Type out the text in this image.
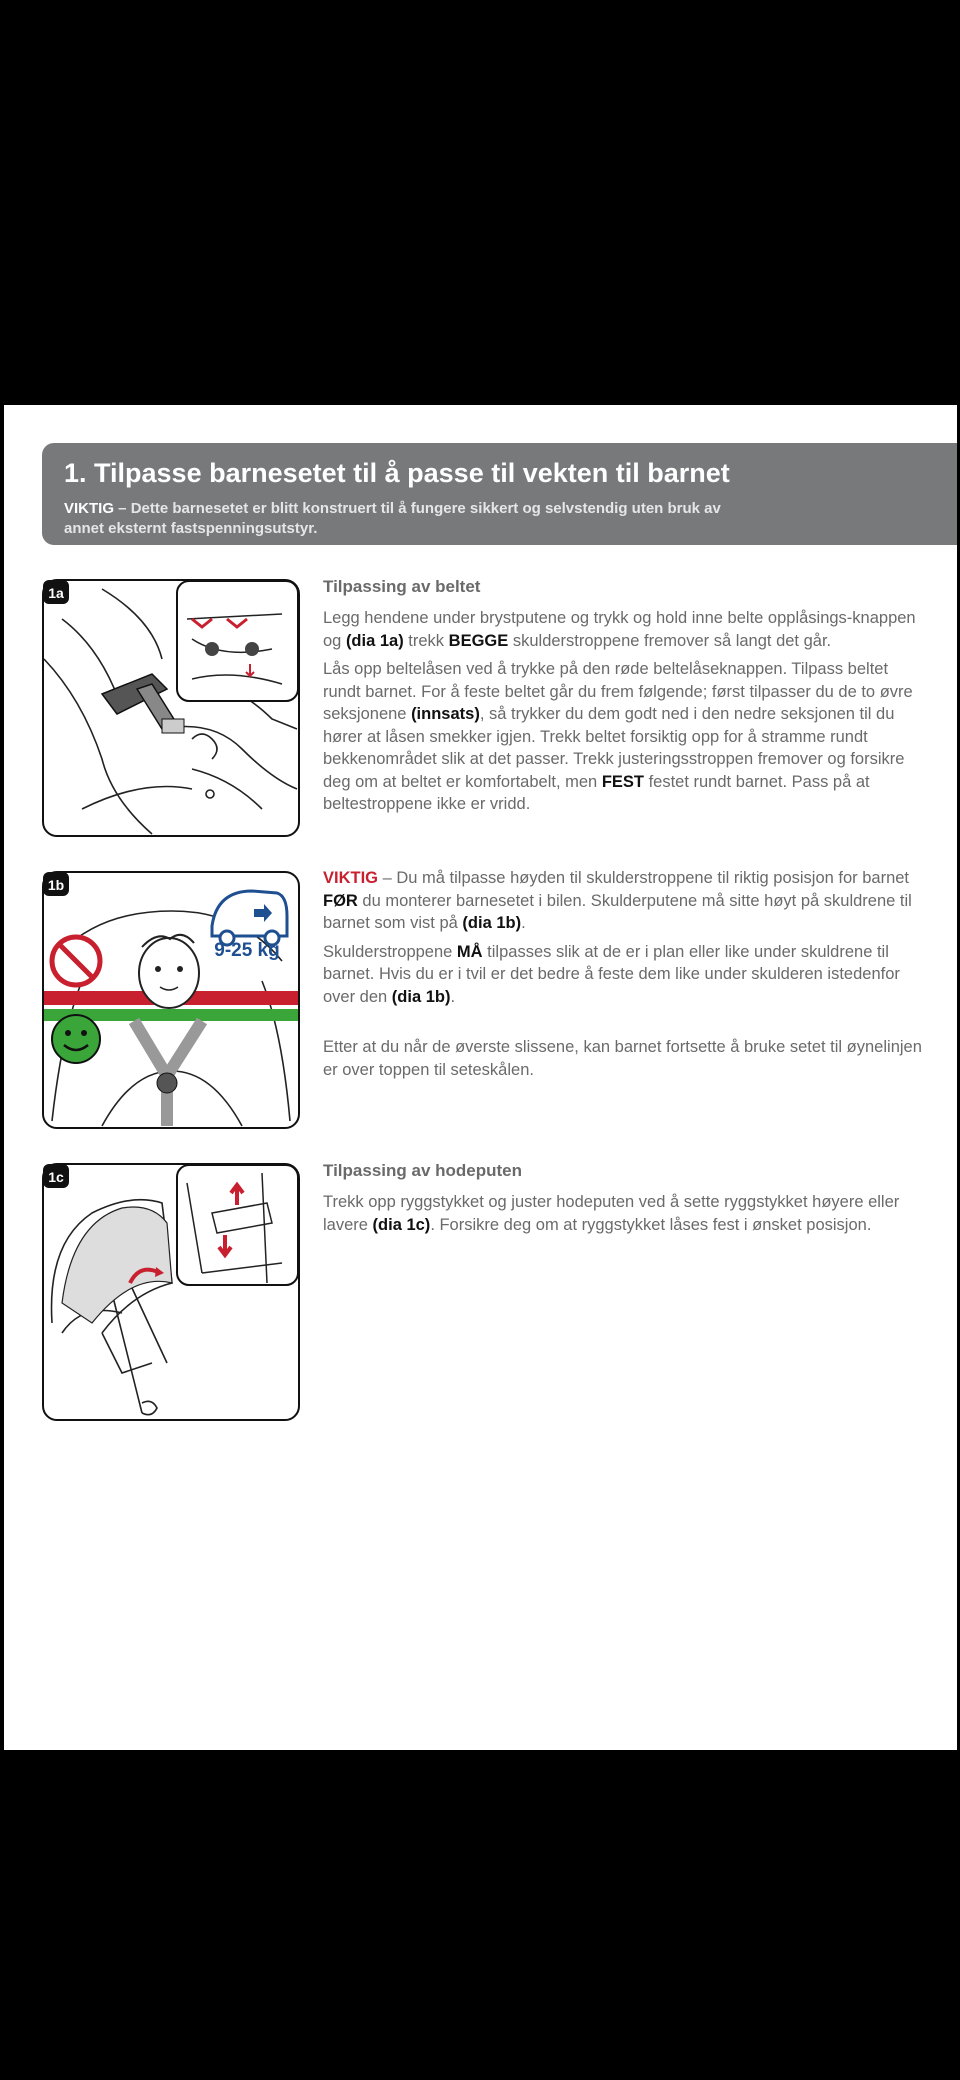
1. Tilpasse barnesetet til å passe til vekten til barnet
VIKTIG – Dette barnesetet er blitt konstruert til å fungere sikkert og selvstendig uten bruk av annet eksternt fastspenningsutstyr.
1a	Tilpassing av beltet

Legg hendene under brystputene og trykk og hold inne belte opplåsings-knappen og (dia 1a) trekk BEGGE skulderstroppene fremover så langt det går.

Lås opp beltelåsen ved å trykke på den røde beltelåseknappen. Tilpass beltet rundt barnet. For å feste beltet går du frem følgende; først tilpasser du de to øvre seksjonene (innsats), så trykker du dem godt ned i den nedre seksjonen til du hører at låsen smekker igjen. Trekk beltet forsiktig opp for å stramme rundt bekkenområdet slik at det passer. Trekk justeringsstroppen fremover og forsikre deg om at beltet er komfortabelt, men FEST festet rundt barnet. Pass på at beltestroppene ikke er vridd.

9-25 kg
1b	VIKTIG – Du må tilpasse høyden til skulderstroppene til riktig posisjon for barnet FØR du monterer barnesetet i bilen. Skulderputene må sitte høyt på skuldrene til barnet som vist på (dia 1b).

Skulderstroppene MÅ tilpasses slik at de er i plan eller like under skuldrene til barnet. Hvis du er i tvil er det bedre å feste dem like under skulderen istedenfor over den (dia 1b).

Etter at du når de øverste slissene, kan barnet fortsette å bruke setet til øynelinjen er over toppen til seteskålen.

1c	Tilpassing av hodeputen

Trekk opp ryggstykket og juster hodeputen ved å sette ryggstykket høyere eller lavere (dia 1c). Forsikre deg om at ryggstykket låses fest i ønsket posisjon.
